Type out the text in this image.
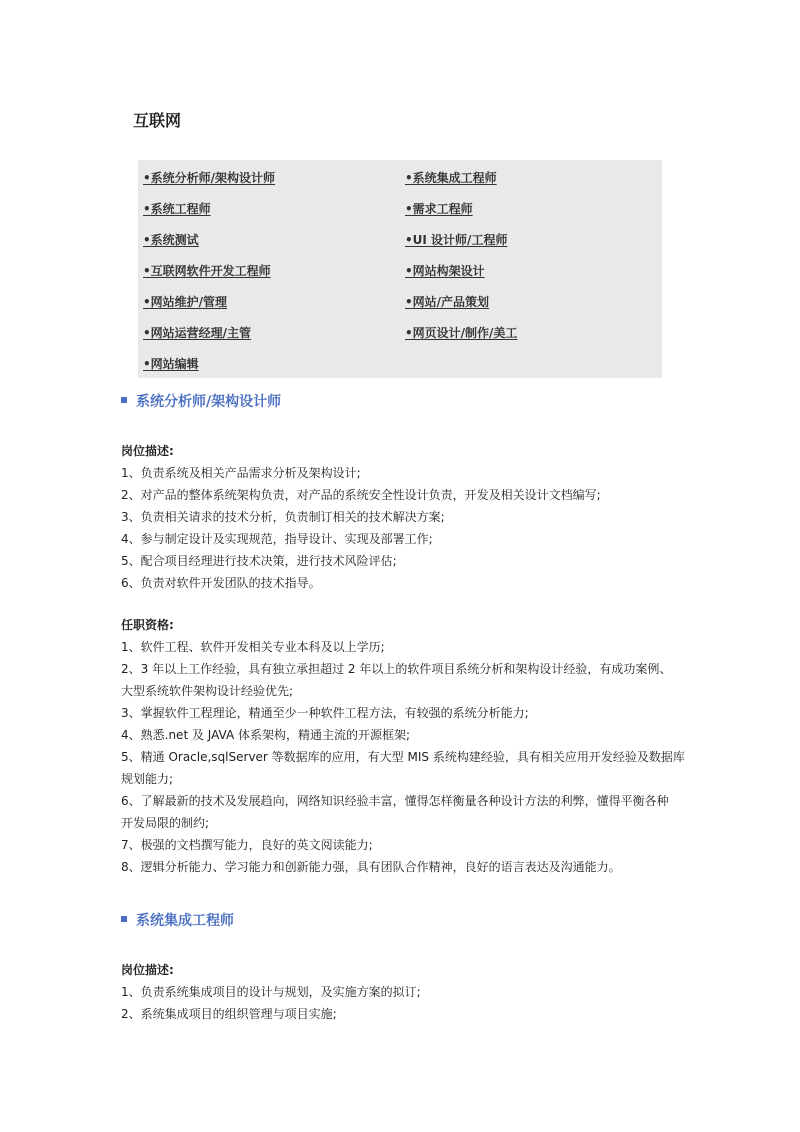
互联网
•系统分析师/架构设计师
•系统工程师
•系统测试
•互联网软件开发工程师
•网站维护/管理
•网站运营经理/主管
•网站编辑
•系统集成工程师
•需求工程师
•UI 设计师/工程师
•网站构架设计
•网站/产品策划
•网页设计/制作/美工
系统分析师/架构设计师

岗位描述:

1、负责系统及相关产品需求分析及架构设计;

2、对产品的整体系统架构负责，对产品的系统安全性设计负责，开发及相关设计文档编写;

3、负责相关请求的技术分析，负责制订相关的技术解决方案;

4、参与制定设计及实现规范，指导设计、实现及部署工作;

5、配合项目经理进行技术决策，进行技术风险评估;

6、负责对软件开发团队的技术指导。

任职资格:

1、软件工程、软件开发相关专业本科及以上学历;

2、3 年以上工作经验，具有独立承担超过 2 年以上的软件项目系统分析和架构设计经验，有成功案例、

大型系统软件架构设计经验优先;

3、掌握软件工程理论，精通至少一种软件工程方法，有较强的系统分析能力;

4、熟悉.net 及 JAVA 体系架构，精通主流的开源框架;

5、精通 Oracle,sqlServer 等数据库的应用，有大型 MIS 系统构建经验，具有相关应用开发经验及数据库

规划能力;

6、了解最新的技术及发展趋向，网络知识经验丰富，懂得怎样衡量各种设计方法的利弊，懂得平衡各种

开发局限的制约;

7、极强的文档撰写能力，良好的英文阅读能力;

8、逻辑分析能力、学习能力和创新能力强，具有团队合作精神，良好的语言表达及沟通能力。

系统集成工程师

岗位描述:

1、负责系统集成项目的设计与规划，及实施方案的拟订;

2、系统集成项目的组织管理与项目实施;
